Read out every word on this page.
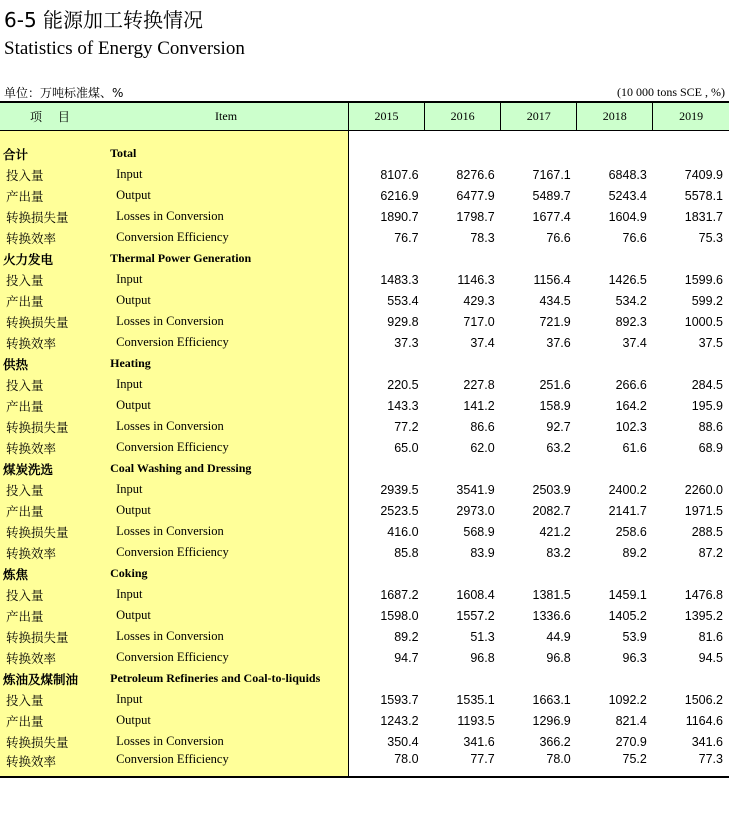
6-5 能源加工转换情况
Statistics of Energy Conversion
单位：万吨标准煤、%	(10 000 tons SCE , %)
项 目	Item	2015	2016	2017	2018	2019

合计	Total					
投入量	Input	8107.6	8276.6	7167.1	6848.3	7409.9
产出量	Output	6216.9	6477.9	5489.7	5243.4	5578.1
转换损失量	Losses in Conversion	1890.7	1798.7	1677.4	1604.9	1831.7
转换效率	Conversion Efficiency	76.7	78.3	76.6	76.6	75.3
火力发电	Thermal Power Generation					
投入量	Input	1483.3	1146.3	1156.4	1426.5	1599.6
产出量	Output	553.4	429.3	434.5	534.2	599.2
转换损失量	Losses in Conversion	929.8	717.0	721.9	892.3	1000.5
转换效率	Conversion Efficiency	37.3	37.4	37.6	37.4	37.5
供热	Heating					
投入量	Input	220.5	227.8	251.6	266.6	284.5
产出量	Output	143.3	141.2	158.9	164.2	195.9
转换损失量	Losses in Conversion	77.2	86.6	92.7	102.3	88.6
转换效率	Conversion Efficiency	65.0	62.0	63.2	61.6	68.9
煤炭洗选	Coal Washing and Dressing					
投入量	Input	2939.5	3541.9	2503.9	2400.2	2260.0
产出量	Output	2523.5	2973.0	2082.7	2141.7	1971.5
转换损失量	Losses in Conversion	416.0	568.9	421.2	258.6	288.5
转换效率	Conversion Efficiency	85.8	83.9	83.2	89.2	87.2
炼焦	Coking					
投入量	Input	1687.2	1608.4	1381.5	1459.1	1476.8
产出量	Output	1598.0	1557.2	1336.6	1405.2	1395.2
转换损失量	Losses in Conversion	89.2	51.3	44.9	53.9	81.6
转换效率	Conversion Efficiency	94.7	96.8	96.8	96.3	94.5
炼油及煤制油	Petroleum Refineries and Coal-to-liquids					
投入量	Input	1593.7	1535.1	1663.1	1092.2	1506.2
产出量	Output	1243.2	1193.5	1296.9	821.4	1164.6
转换损失量	Losses in Conversion	350.4	341.6	366.2	270.9	341.6
转换效率	Conversion Efficiency	78.0	77.7	78.0	75.2	77.3
